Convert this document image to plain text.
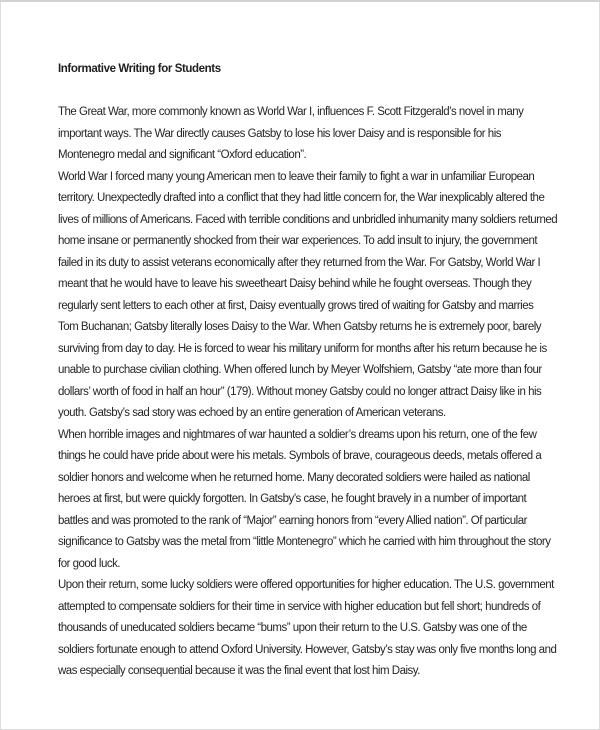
Informative Writing for Students
The Great War, more commonly known as World War I, influences F. Scott Fitzgerald’s novel in many
important ways. The War directly causes Gatsby to lose his lover Daisy and is responsible for his
Montenegro medal and significant “Oxford education”.
World War I forced many young American men to leave their family to fight a war in unfamiliar European
territory. Unexpectedly drafted into a conflict that they had little concern for, the War inexplicably altered the
lives of millions of Americans. Faced with terrible conditions and unbridled inhumanity many soldiers returned
home insane or permanently shocked from their war experiences. To add insult to injury, the government
failed in its duty to assist veterans economically after they returned from the War. For Gatsby, World War I
meant that he would have to leave his sweetheart Daisy behind while he fought overseas. Though they
regularly sent letters to each other at first, Daisy eventually grows tired of waiting for Gatsby and marries
Tom Buchanan; Gatsby literally loses Daisy to the War. When Gatsby returns he is extremely poor, barely
surviving from day to day. He is forced to wear his military uniform for months after his return because he is
unable to purchase civilian clothing. When offered lunch by Meyer Wolfshiem, Gatsby “ate more than four
dollars’ worth of food in half an hour” (179). Without money Gatsby could no longer attract Daisy like in his
youth. Gatsby’s sad story was echoed by an entire generation of American veterans.
When horrible images and nightmares of war haunted a soldier’s dreams upon his return, one of the few
things he could have pride about were his metals. Symbols of brave, courageous deeds, metals offered a
soldier honors and welcome when he returned home. Many decorated soldiers were hailed as national
heroes at first, but were quickly forgotten. In Gatsby’s case, he fought bravely in a number of important
battles and was promoted to the rank of “Major” earning honors from “every Allied nation”. Of particular
significance to Gatsby was the metal from “little Montenegro” which he carried with him throughout the story
for good luck.
Upon their return, some lucky soldiers were offered opportunities for higher education. The U.S. government
attempted to compensate soldiers for their time in service with higher education but fell short; hundreds of
thousands of uneducated soldiers became “bums” upon their return to the U.S. Gatsby was one of the
soldiers fortunate enough to attend Oxford University. However, Gatsby’s stay was only five months long and
was especially consequential because it was the final event that lost him Daisy.
